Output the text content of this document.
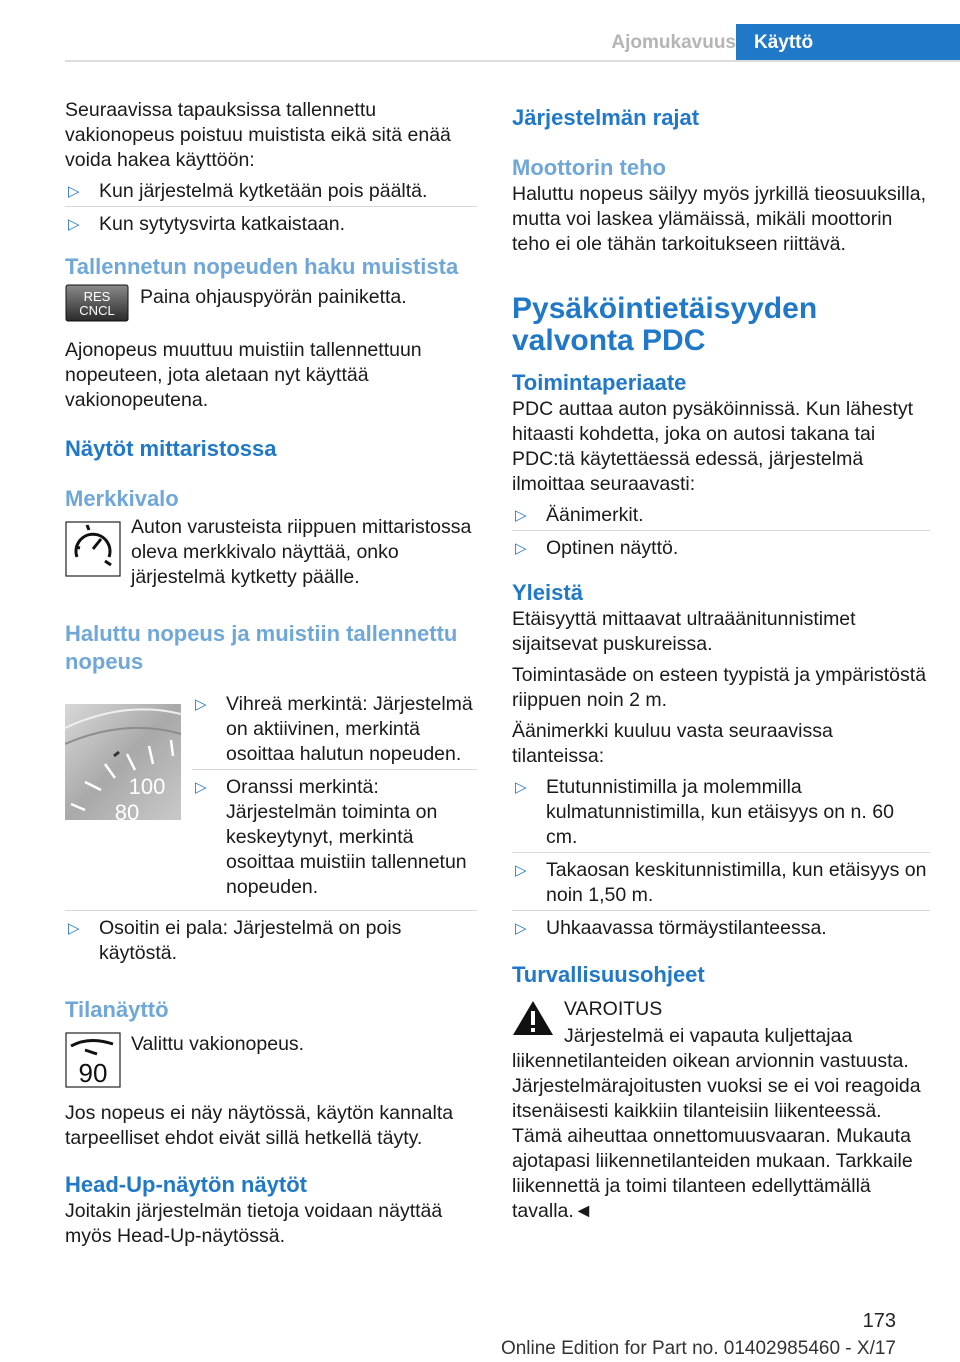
Ajomukavuus Käyttö

Seuraavissa tapauksissa tallennettu vakionopeus poistuu muistista eikä sitä enää voida hakea käyttöön:

▷ Kun järjestelmä kytketään pois päältä.
▷ Kun sytytysvirta katkaistaan.
Tallennetun nopeuden haku muistista
RES
CNCL

Paina ohjauspyörän painiketta.

Ajonopeus muuttuu muistiin tallennettuun nopeuteen, jota aletaan nyt käyttää vakionopeutena.

Näytöt mittaristossa
Merkkivalo

Auton varusteista riippuen mittaristossa oleva merkkivalo näyttää, onko järjestelmä kytketty päälle.

Haluttu nopeus ja muistiin tallennettu nopeus
100
80
▷ Vihreä merkintä: Järjestelmä on aktiivinen, merkintä osoittaa halutun nopeuden.
▷ Oranssi merkintä: Järjestelmän toiminta on keskeytynyt, merkintä osoittaa muistiin tallennetun nopeuden.
▷ Osoitin ei pala: Järjestelmä on pois käytöstä.
Tilanäyttö
90

Valittu vakionopeus.

Jos nopeus ei näy näytössä, käytön kannalta tarpeelliset ehdot eivät sillä hetkellä täyty.

Head-Up-näytön näytöt

Joitakin järjestelmän tietoja voidaan näyttää myös Head-Up-näytössä.

Järjestelmän rajat
Moottorin teho

Haluttu nopeus säilyy myös jyrkillä tieosuuksilla, mutta voi laskea ylämäissä, mikäli moottorin teho ei ole tähän tarkoitukseen riittävä.

Pysäköintietäisyyden valvonta PDC
Toimintaperiaate

PDC auttaa auton pysäköinnissä. Kun lähestyt hitaasti kohdetta, joka on autosi takana tai PDC:tä käytettäessä edessä, järjestelmä ilmoittaa seuraavasti:

▷ Äänimerkit.
▷ Optinen näyttö.
Yleistä

Etäisyyttä mittaavat ultraäänitunnistimet sijaitsevat puskureissa.

Toimintasäde on esteen tyypistä ja ympäristöstä riippuen noin 2 m.

Äänimerkki kuuluu vasta seuraavissa tilanteissa:

▷ Etutunnistimilla ja molemmilla kulmatunnistimilla, kun etäisyys on n. 60 cm.
▷ Takaosan keskitunnistimilla, kun etäisyys on noin 1,50 m.
▷ Uhkaavassa törmäystilanteessa.
Turvallisuusohjeet

VAROITUS

Järjestelmä ei vapauta kuljettajaa liikennetilanteiden oikean arvionnin vastuusta. Järjestelmärajoitusten vuoksi se ei voi reagoida itsenäisesti kaikkiin tilanteisiin liikenteessä. Tämä aiheuttaa onnettomuusvaaran. Mukauta ajotapasi liikennetilanteiden mukaan. Tarkkaile liikennettä ja toimi tilanteen edellyttämällä tavalla.◄

173
Online Edition for Part no. 01402985460 - X/17
